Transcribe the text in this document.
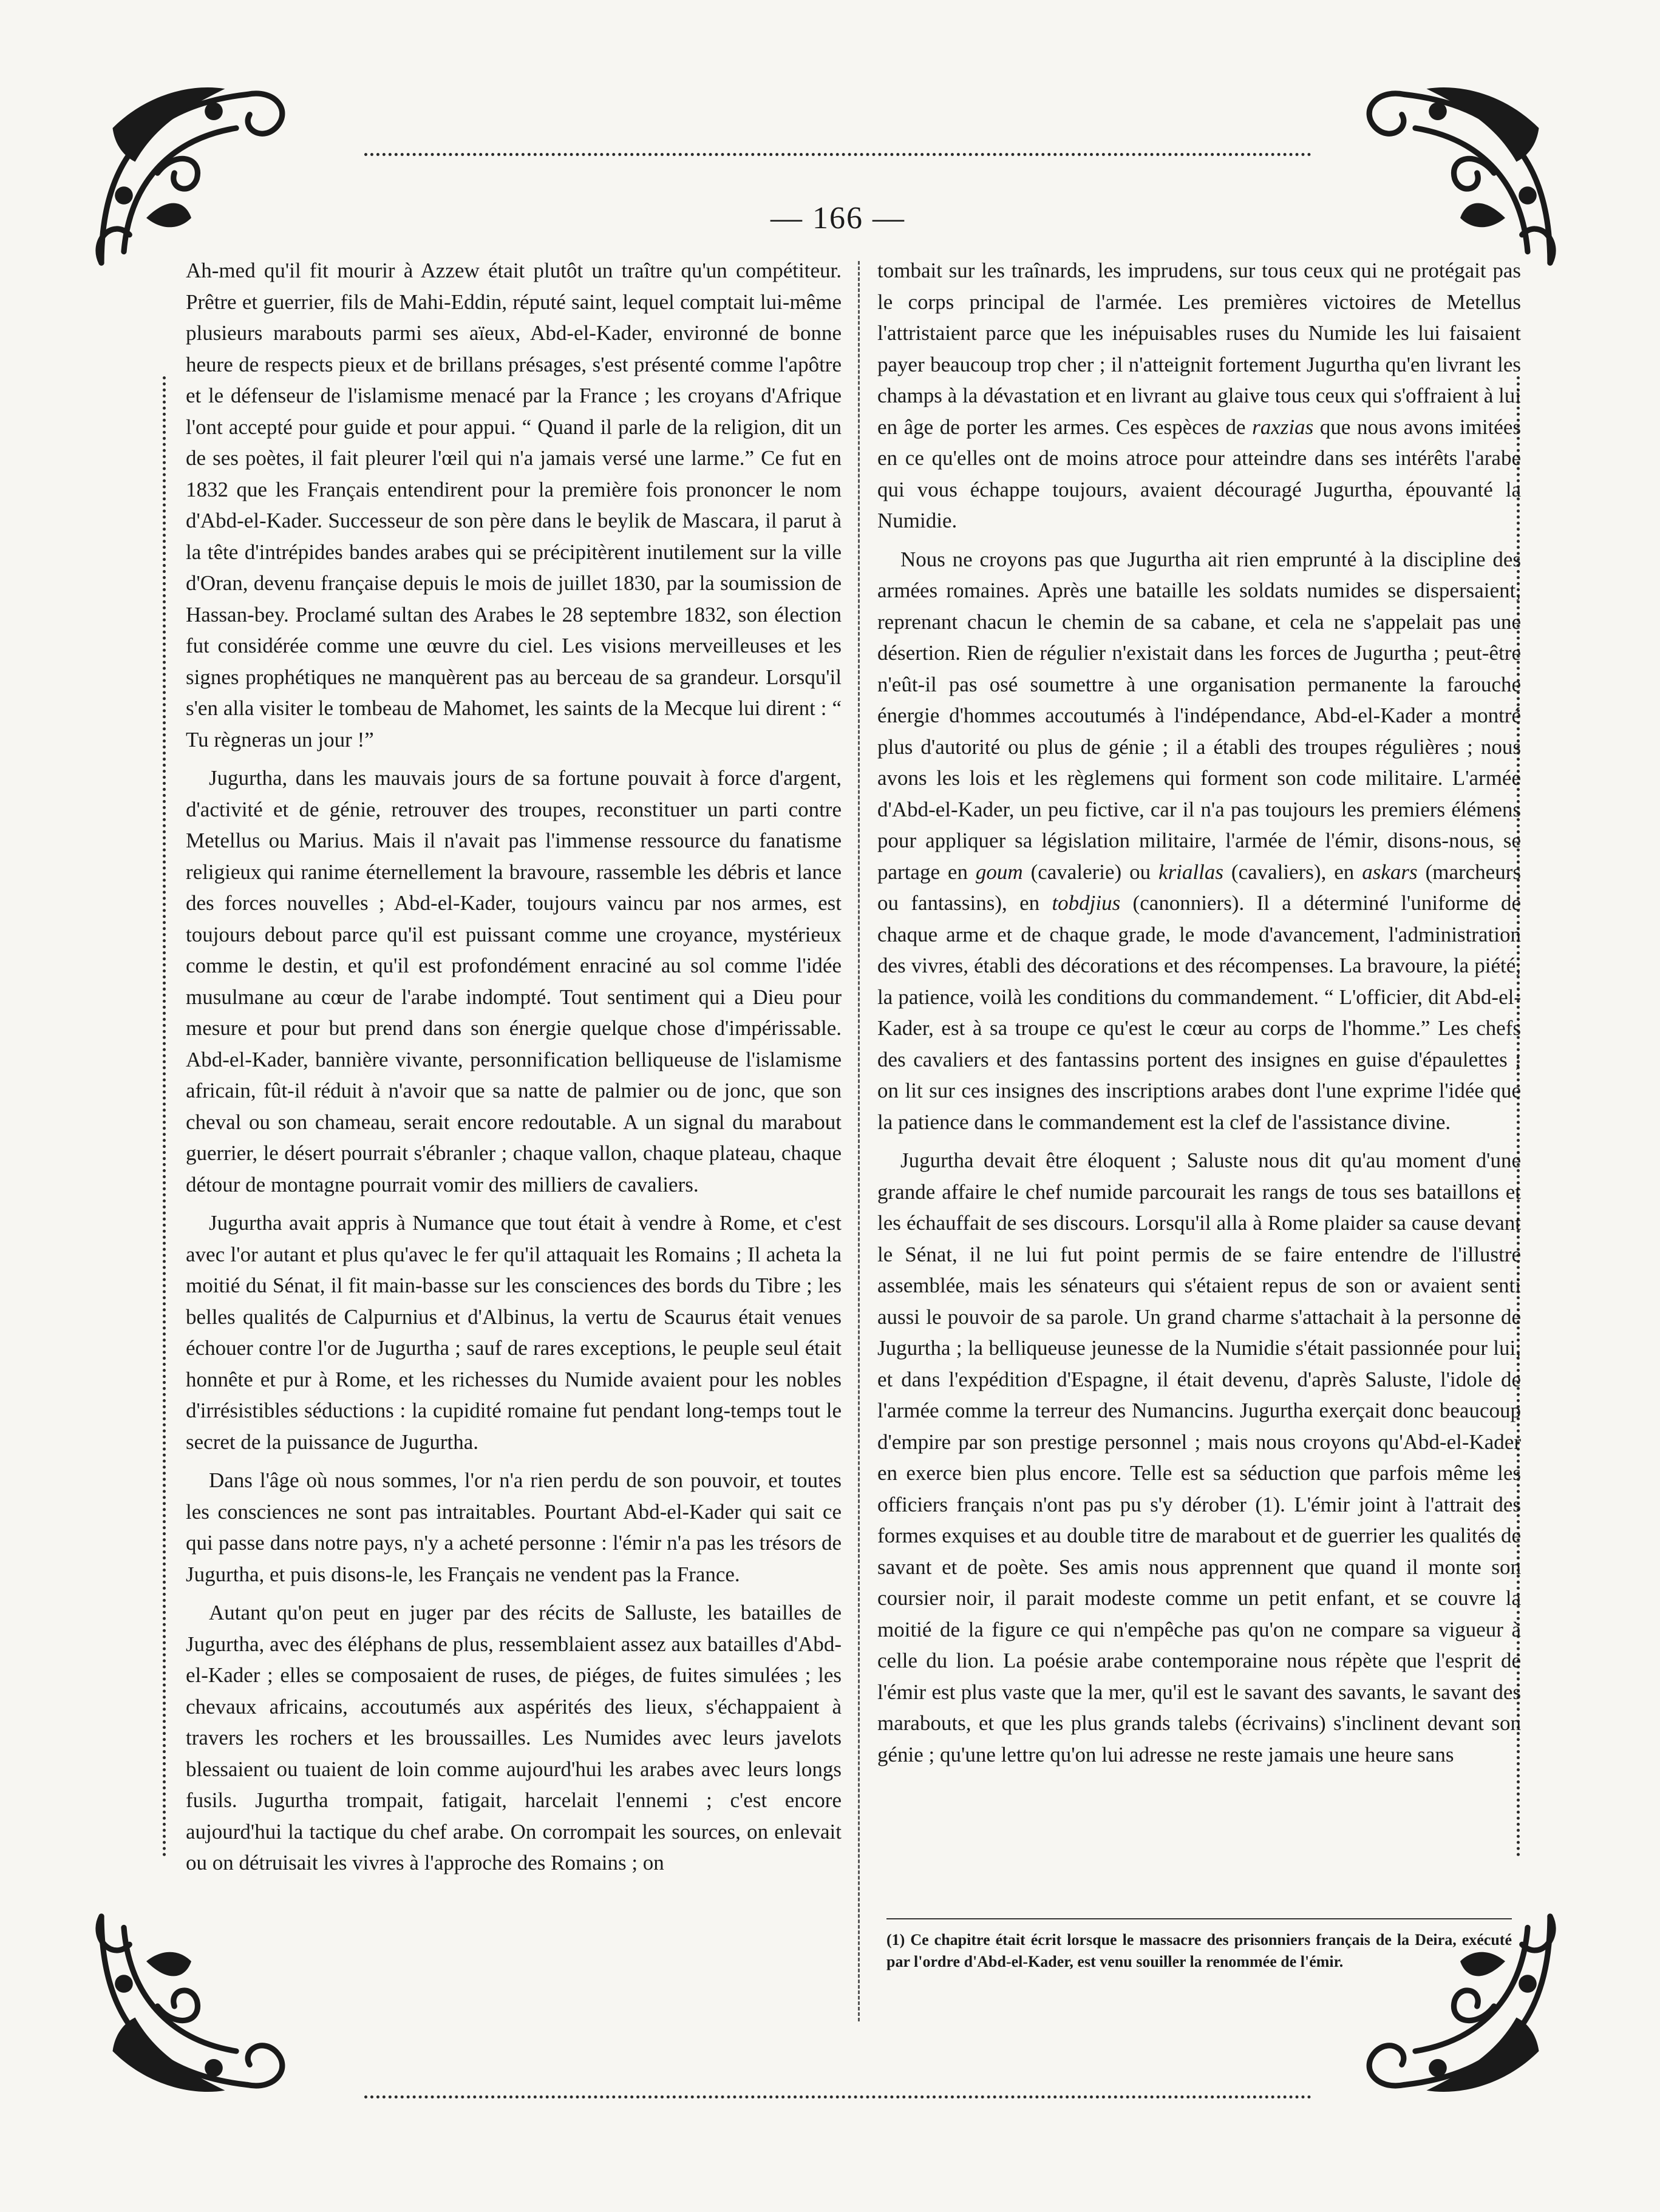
— 166 —

Ah-med qu'il fit mourir à Azzew était plutôt un traître qu'un compétiteur. Prêtre et guerrier, fils de Mahi-Eddin, réputé saint, lequel comptait lui-même plusieurs marabouts parmi ses aïeux, Abd-el-Kader, environné de bonne heure de respects pieux et de brillans présages, s'est présenté comme l'apôtre et le défenseur de l'islamisme menacé par la France ; les croyans d'Afrique l'ont accepté pour guide et pour appui. “ Quand il parle de la religion, dit un de ses poètes, il fait pleurer l'œil qui n'a jamais versé une larme.” Ce fut en 1832 que les Français entendirent pour la première fois prononcer le nom d'Abd-el-Kader. Successeur de son père dans le beylik de Mascara, il parut à la tête d'intrépides bandes arabes qui se précipitèrent inutilement sur la ville d'Oran, devenu française depuis le mois de juillet 1830, par la soumission de Hassan-bey. Proclamé sultan des Arabes le 28 septembre 1832, son élection fut considérée comme une œuvre du ciel. Les visions merveilleuses et les signes prophétiques ne manquèrent pas au berceau de sa grandeur. Lorsqu'il s'en alla visiter le tombeau de Mahomet, les saints de la Mecque lui dirent : “ Tu règneras un jour !”

Jugurtha, dans les mauvais jours de sa fortune pouvait à force d'argent, d'activité et de génie, retrouver des troupes, reconstituer un parti contre Metellus ou Marius. Mais il n'avait pas l'immense ressource du fanatisme religieux qui ranime éternellement la bravoure, rassemble les débris et lance des forces nouvelles ; Abd-el-Kader, toujours vaincu par nos armes, est toujours debout parce qu'il est puissant comme une croyance, mystérieux comme le destin, et qu'il est profondément enraciné au sol comme l'idée musulmane au cœur de l'arabe indompté. Tout sentiment qui a Dieu pour mesure et pour but prend dans son énergie quelque chose d'impérissable. Abd-el-Kader, bannière vivante, personnification belliqueuse de l'islamisme africain, fût-il réduit à n'avoir que sa natte de palmier ou de jonc, que son cheval ou son chameau, serait encore redoutable. A un signal du marabout guerrier, le désert pourrait s'ébranler ; chaque vallon, chaque plateau, chaque détour de montagne pourrait vomir des milliers de cavaliers.

Jugurtha avait appris à Numance que tout était à vendre à Rome, et c'est avec l'or autant et plus qu'avec le fer qu'il attaquait les Romains ; Il acheta la moitié du Sénat, il fit main-basse sur les consciences des bords du Tibre ; les belles qualités de Calpurnius et d'Albinus, la vertu de Scaurus était venues échouer contre l'or de Jugurtha ; sauf de rares exceptions, le peuple seul était honnête et pur à Rome, et les richesses du Numide avaient pour les nobles d'irrésistibles séductions : la cupidité romaine fut pendant long-temps tout le secret de la puissance de Jugurtha.

Dans l'âge où nous sommes, l'or n'a rien perdu de son pouvoir, et toutes les consciences ne sont pas intraitables. Pourtant Abd-el-Kader qui sait ce qui passe dans notre pays, n'y a acheté personne : l'émir n'a pas les trésors de Jugurtha, et puis disons-le, les Français ne vendent pas la France.

Autant qu'on peut en juger par des récits de Salluste, les batailles de Jugurtha, avec des éléphans de plus, ressemblaient assez aux batailles d'Abd-el-Kader ; elles se composaient de ruses, de piéges, de fuites simulées ; les chevaux africains, accoutumés aux aspérités des lieux, s'échappaient à travers les rochers et les broussailles. Les Numides avec leurs javelots blessaient ou tuaient de loin comme aujourd'hui les arabes avec leurs longs fusils. Jugurtha trompait, fatigait, harcelait l'ennemi ; c'est encore aujourd'hui la tactique du chef arabe. On corrompait les sources, on enlevait ou on détruisait les vivres à l'approche des Romains ; on

tombait sur les traînards, les imprudens, sur tous ceux qui ne protégait pas le corps principal de l'armée. Les premières victoires de Metellus l'attristaient parce que les inépuisables ruses du Numide les lui faisaient payer beaucoup trop cher ; il n'atteignit fortement Jugurtha qu'en livrant les champs à la dévastation et en livrant au glaive tous ceux qui s'offraient à lui en âge de porter les armes. Ces espèces de raxzias que nous avons imitées en ce qu'elles ont de moins atroce pour atteindre dans ses intérêts l'arabe qui vous échappe toujours, avaient découragé Jugurtha, épouvanté la Numidie.

Nous ne croyons pas que Jugurtha ait rien emprunté à la discipline des armées romaines. Après une bataille les soldats numides se dispersaient, reprenant chacun le chemin de sa cabane, et cela ne s'appelait pas une désertion. Rien de régulier n'existait dans les forces de Jugurtha ; peut-être n'eût-il pas osé soumettre à une organisation permanente la farouche énergie d'hommes accoutumés à l'indépendance, Abd-el-Kader a montré plus d'autorité ou plus de génie ; il a établi des troupes régulières ; nous avons les lois et les règlemens qui forment son code militaire. L'armée d'Abd-el-Kader, un peu fictive, car il n'a pas toujours les premiers élémens pour appliquer sa législation militaire, l'armée de l'émir, disons-nous, se partage en goum (cavalerie) ou kriallas (cavaliers), en askars (marcheurs ou fantassins), en tobdjius (canonniers). Il a déterminé l'uniforme de chaque arme et de chaque grade, le mode d'avancement, l'administration des vivres, établi des décorations et des récompenses. La bravoure, la piété, la patience, voilà les conditions du commandement. “ L'officier, dit Abd-el-Kader, est à sa troupe ce qu'est le cœur au corps de l'homme.” Les chefs des cavaliers et des fantassins portent des insignes en guise d'épaulettes ; on lit sur ces insignes des inscriptions arabes dont l'une exprime l'idée que la patience dans le commandement est la clef de l'assistance divine.

Jugurtha devait être éloquent ; Saluste nous dit qu'au moment d'une grande affaire le chef numide parcourait les rangs de tous ses bataillons et les échauffait de ses discours. Lorsqu'il alla à Rome plaider sa cause devant le Sénat, il ne lui fut point permis de se faire entendre de l'illustre assemblée, mais les sénateurs qui s'étaient repus de son or avaient senti aussi le pouvoir de sa parole. Un grand charme s'attachait à la personne de Jugurtha ; la belliqueuse jeunesse de la Numidie s'était passionnée pour lui, et dans l'expédition d'Espagne, il était devenu, d'après Saluste, l'idole de l'armée comme la terreur des Numancins. Jugurtha exerçait donc beaucoup d'empire par son prestige personnel ; mais nous croyons qu'Abd-el-Kader en exerce bien plus encore. Telle est sa séduction que parfois même les officiers français n'ont pas pu s'y dérober (1). L'émir joint à l'attrait des formes exquises et au double titre de marabout et de guerrier les qualités de savant et de poète. Ses amis nous apprennent que quand il monte son coursier noir, il parait modeste comme un petit enfant, et se couvre la moitié de la figure ce qui n'empêche pas qu'on ne compare sa vigueur à celle du lion. La poésie arabe contemporaine nous répète que l'esprit de l'émir est plus vaste que la mer, qu'il est le savant des savants, le savant des marabouts, et que les plus grands talebs (écrivains) s'inclinent devant son génie ; qu'une lettre qu'on lui adresse ne reste jamais une heure sans

(1) Ce chapitre était écrit lorsque le massacre des prisonniers français de la Deira, exécuté par l'ordre d'Abd-el-Kader, est venu souiller la renommée de l'émir.
